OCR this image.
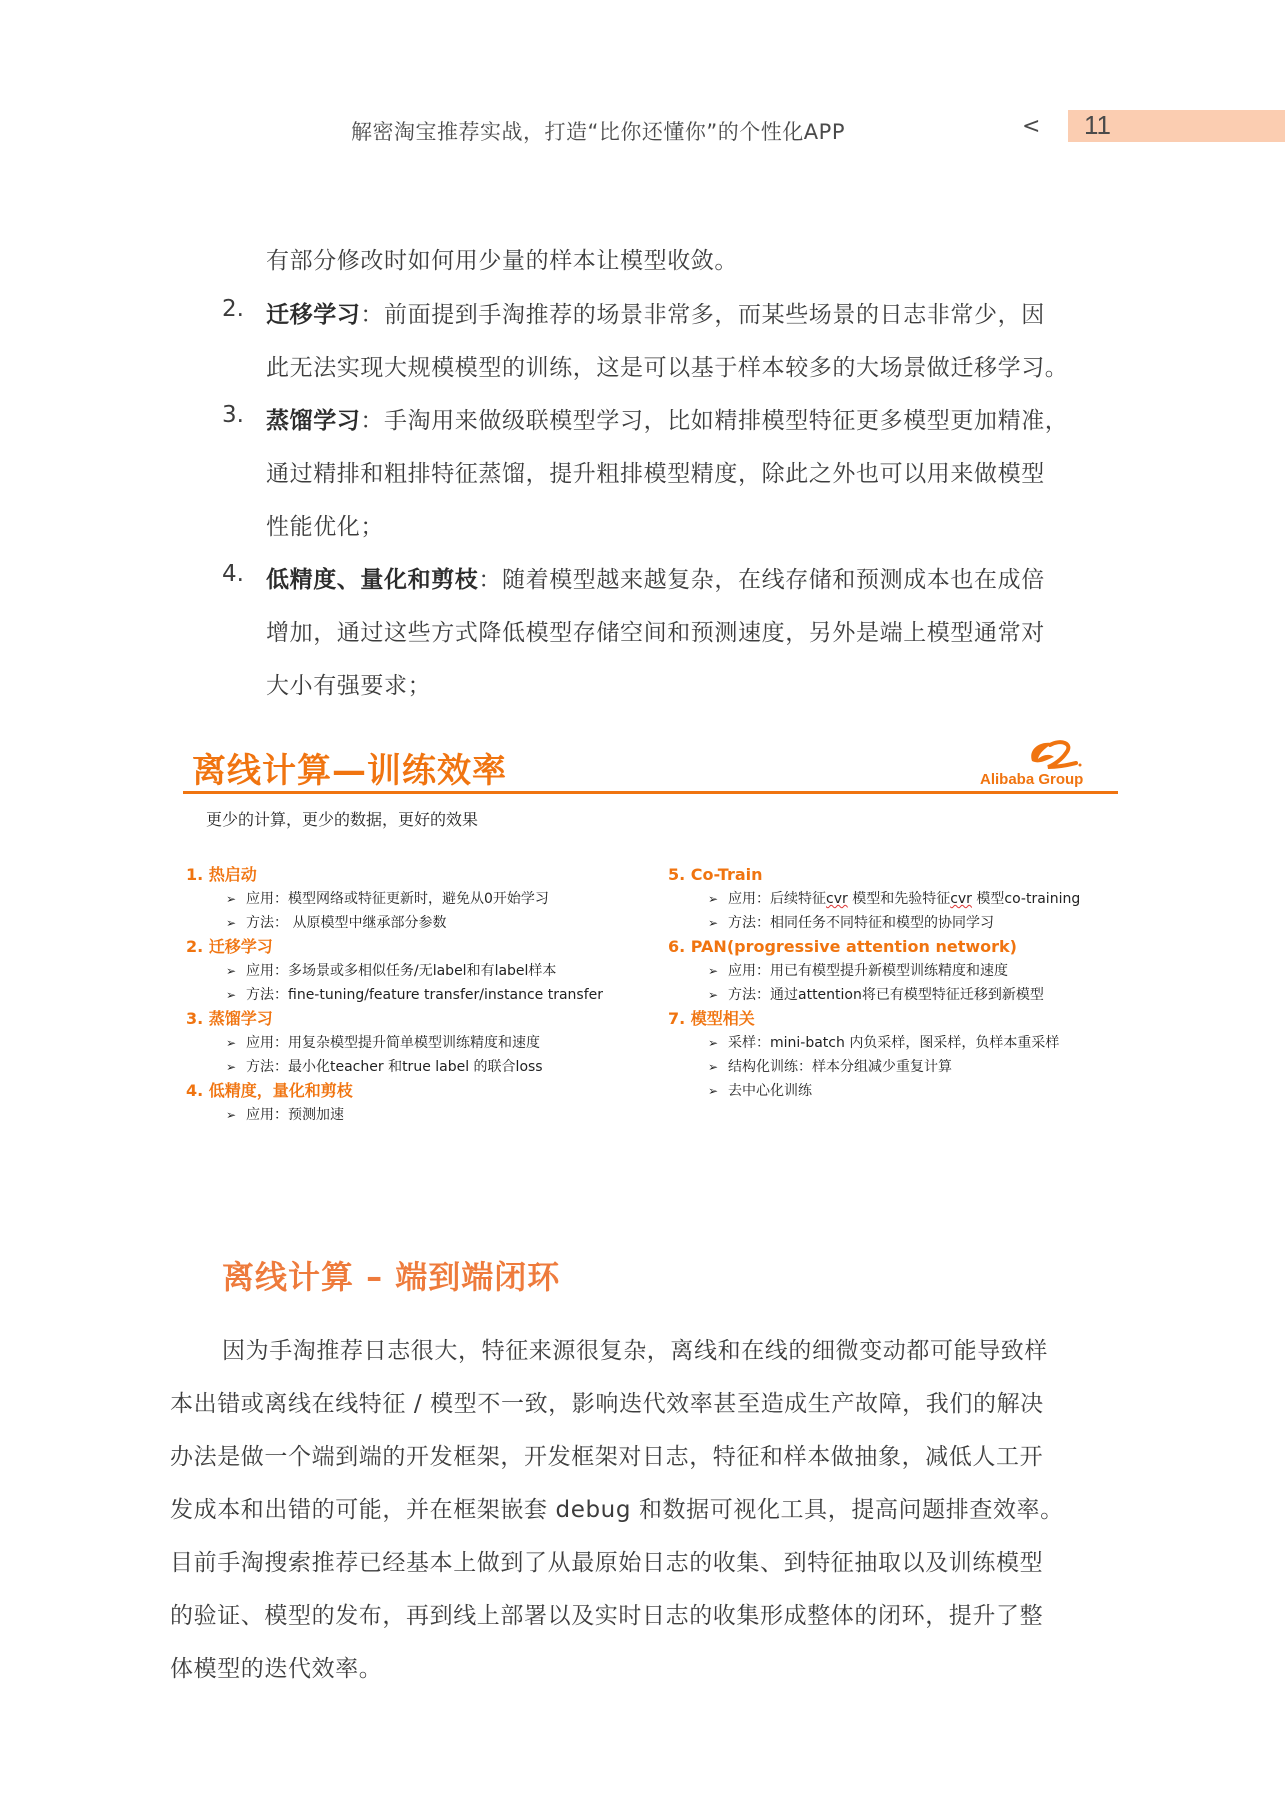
解密淘宝推荐实战，打造“比你还懂你”的个性化APP	< 11
有部分修改时如何用少量的样本让模型收敛。
2. 迁移学习：前面提到手淘推荐的场景非常多，而某些场景的日志非常少，因
此无法实现大规模模型的训练，这是可以基于样本较多的大场景做迁移学习。
3. 蒸馏学习：手淘用来做级联模型学习，比如精排模型特征更多模型更加精准，
通过精排和粗排特征蒸馏，提升粗排模型精度，除此之外也可以用来做模型
性能优化；
4. 低精度、量化和剪枝：随着模型越来越复杂，在线存储和预测成本也在成倍
增加，通过这些方式降低模型存储空间和预测速度，另外是端上模型通常对
大小有强要求；
离线计算—训练效率	Alibaba Group
更少的计算，更少的数据，更好的效果
1. 热启动
➢ 应用：模型网络或特征更新时，避免从0开始学习
➢ 方法： 从原模型中继承部分参数
2. 迁移学习
➢ 应用：多场景或多相似任务/无label和有label样本
➢ 方法：fine-tuning/feature transfer/instance transfer
3. 蒸馏学习
➢ 应用：用复杂模型提升简单模型训练精度和速度
➢ 方法：最小化teacher 和true label 的联合loss
4. 低精度，量化和剪枝
➢ 应用：预测加速
5. Co-Train
➢ 应用：后续特征cvr 模型和先验特征cvr 模型co-training
➢ 方法：相同任务不同特征和模型的协同学习
6. PAN(progressive attention network)
➢ 应用：用已有模型提升新模型训练精度和速度
➢ 方法：通过attention将已有模型特征迁移到新模型
7. 模型相关
➢ 采样：mini-batch 内负采样，图采样，负样本重采样
➢ 结构化训练：样本分组减少重复计算
➢ 去中心化训练
离线计算 – 端到端闭环
因为手淘推荐日志很大，特征来源很复杂，离线和在线的细微变动都可能导致样
本出错或离线在线特征 / 模型不一致，影响迭代效率甚至造成生产故障，我们的解决
办法是做一个端到端的开发框架，开发框架对日志，特征和样本做抽象，减低人工开
发成本和出错的可能，并在框架嵌套 debug 和数据可视化工具，提高问题排查效率。
目前手淘搜索推荐已经基本上做到了从最原始日志的收集、到特征抽取以及训练模型
的验证、模型的发布，再到线上部署以及实时日志的收集形成整体的闭环，提升了整
体模型的迭代效率。
